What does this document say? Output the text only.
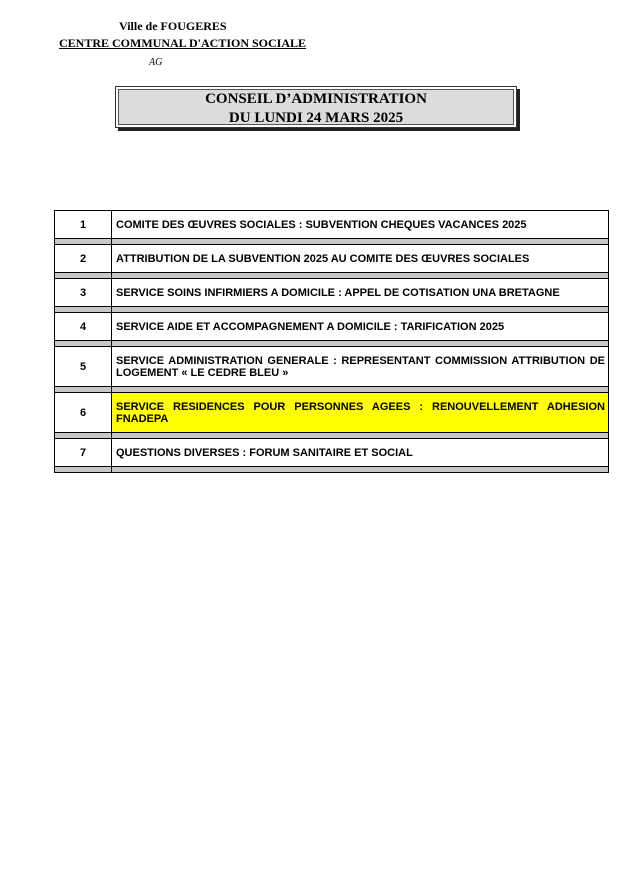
Ville de FOUGERES
CENTRE COMMUNAL D'ACTION SOCIALE
AG
CONSEIL D’ADMINISTRATION
DU LUNDI 24 MARS 2025
1	COMITE DES ŒUVRES SOCIALES : SUBVENTION CHEQUES VACANCES 2025

2	ATTRIBUTION DE LA SUBVENTION 2025 AU COMITE DES ŒUVRES SOCIALES

3	SERVICE SOINS INFIRMIERS A DOMICILE : APPEL DE COTISATION UNA BRETAGNE

4	SERVICE AIDE ET ACCOMPAGNEMENT A DOMICILE : TARIFICATION 2025

5	SERVICE ADMINISTRATION GENERALE : REPRESENTANT COMMISSION ATTRIBUTION DE LOGEMENT « LE CEDRE BLEU »

6	SERVICE RESIDENCES POUR PERSONNES AGEES : RENOUVELLEMENT ADHESION FNADEPA

7	QUESTIONS DIVERSES : FORUM SANITAIRE ET SOCIAL
